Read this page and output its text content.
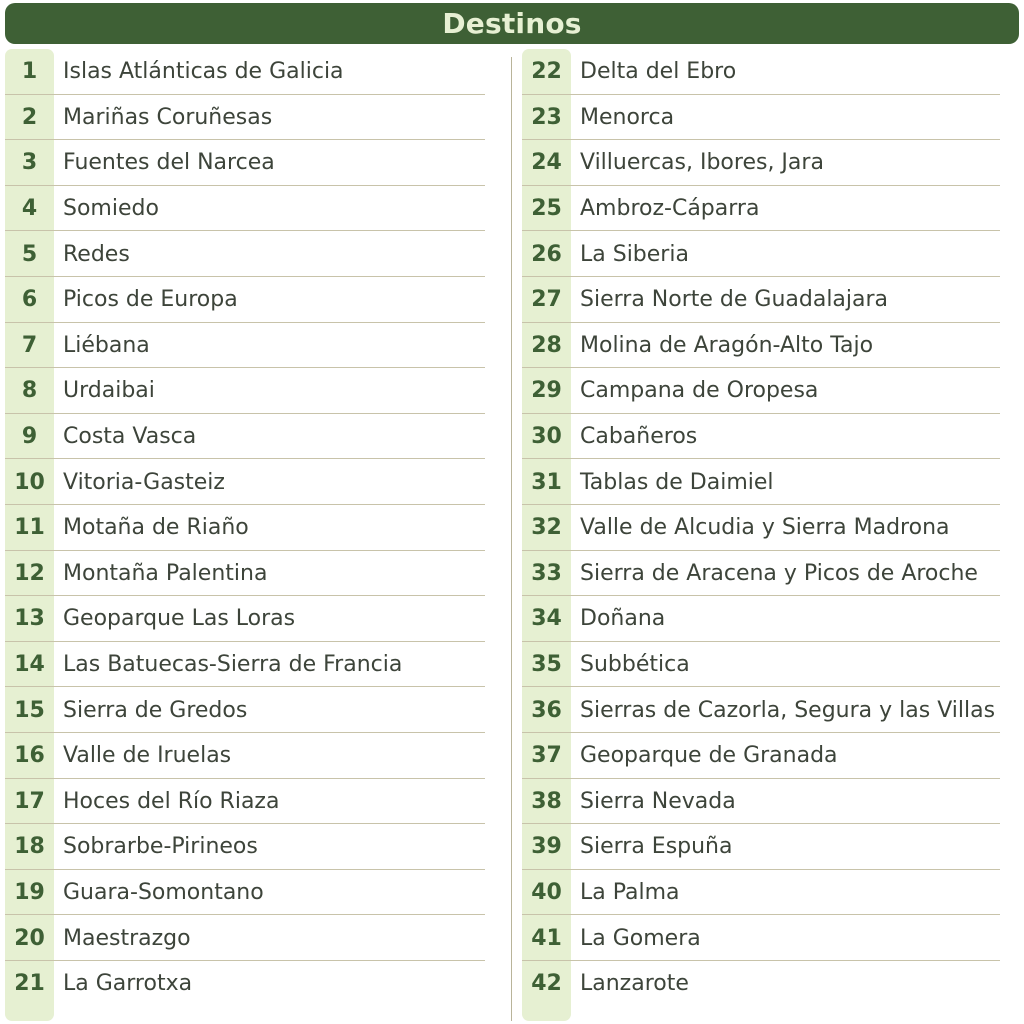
Destinos
1	Islas Atlánticas de Galicia
2	Mariñas Coruñesas
3	Fuentes del Narcea
4	Somiedo
5	Redes
6	Picos de Europa
7	Liébana
8	Urdaibai
9	Costa Vasca
10 Vitoria-Gasteiz
11 Motaña de Riaño
12 Montaña Palentina
13 Geoparque Las Loras
14 Las Batuecas-Sierra de Francia
15 Sierra de Gredos
16 Valle de Iruelas
17 Hoces del Río Riaza
18 Sobrarbe-Pirineos
19 Guara-Somontano
20 Maestrazgo
21 La Garrotxa
22 Delta del Ebro
23 Menorca
24 Villuercas, Ibores, Jara
25 Ambroz-Cáparra
26 La Siberia
27 Sierra Norte de Guadalajara
28 Molina de Aragón-Alto Tajo
29 Campana de Oropesa
30 Cabañeros
31 Tablas de Daimiel
32 Valle de Alcudia y Sierra Madrona
33 Sierra de Aracena y Picos de Aroche
34 Doñana
35 Subbética
36 Sierras de Cazorla, Segura y las Villas
37 Geoparque de Granada
38 Sierra Nevada
39 Sierra Espuña
40 La Palma
41 La Gomera
42 Lanzarote
